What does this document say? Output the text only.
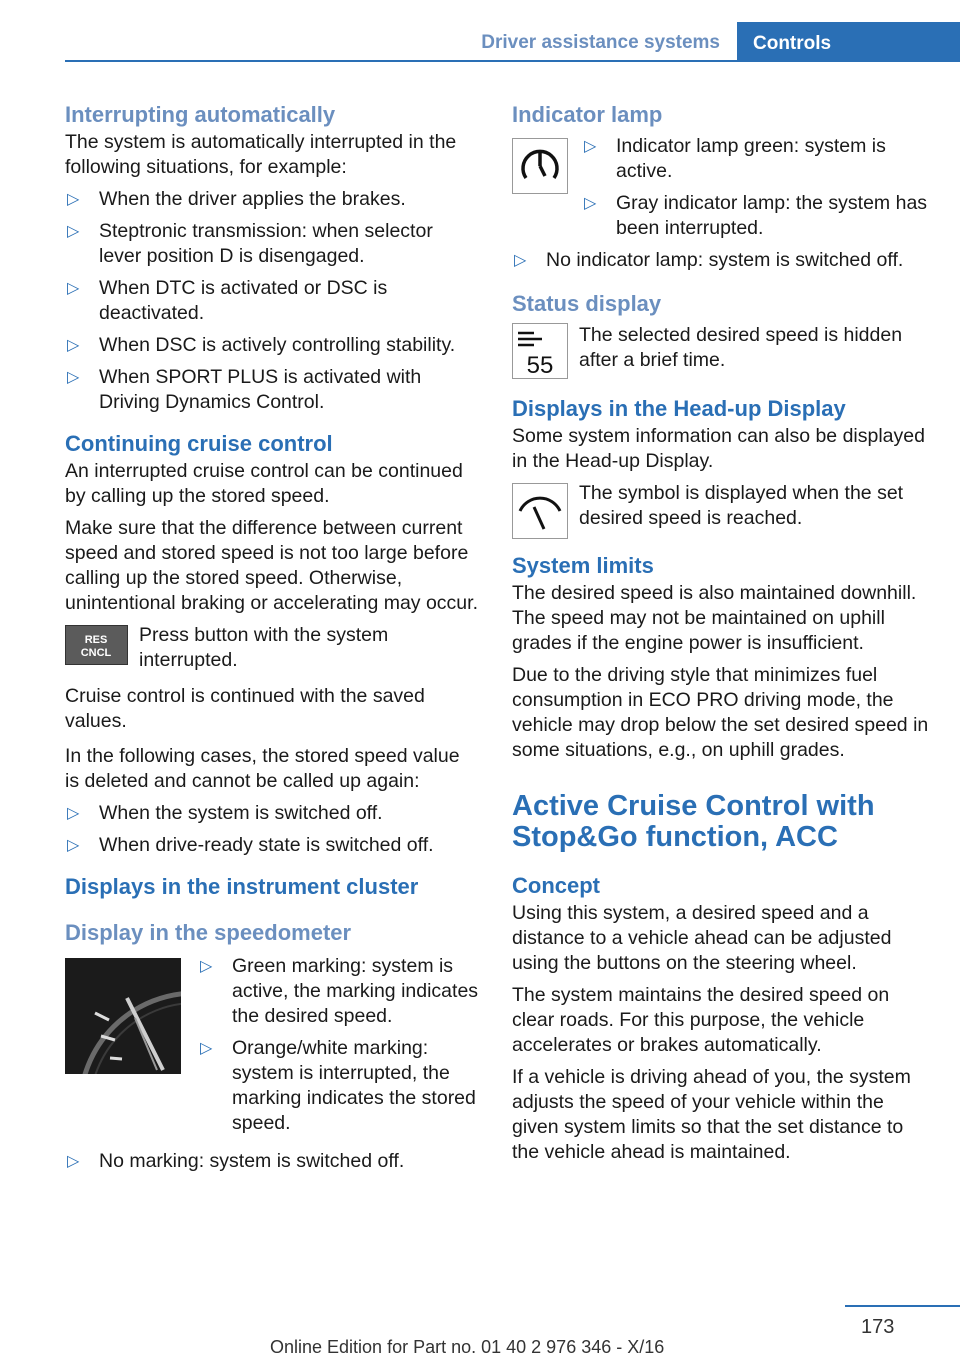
Driver assistance systems	Controls
Interrupting automatically

The system is automatically interrupted in the following situations, for example:

▷ When the driver applies the brakes.
▷ Steptronic transmission: when selector lever position D is disengaged.
▷ When DTC is activated or DSC is deactivated.
▷ When DSC is actively controlling stability.
▷ When SPORT PLUS is activated with Driving Dynamics Control.
Continuing cruise control

An interrupted cruise control can be continued by calling up the stored speed.

Make sure that the difference between current speed and stored speed is not too large before calling up the stored speed. Otherwise, unintentional braking or accelerating may occur.

RES
CNCL

Press button with the system interrupted.

Cruise control is continued with the saved values.

In the following cases, the stored speed value is deleted and cannot be called up again:

▷ When the system is switched off.
▷ When drive-ready state is switched off.
Displays in the instrument cluster
Display in the speedometer
▷ Green marking: system is active, the marking indicates the desired speed.
▷ Orange/white marking: system is interrupted, the marking indicates the stored speed.
▷ No marking: system is switched off.
Indicator lamp
▷ Indicator lamp green: system is active.
▷ Gray indicator lamp: the system has been interrupted.
▷ No indicator lamp: system is switched off.
Status display
55

The selected desired speed is hidden after a brief time.

Displays in the Head-up Display

Some system information can also be displayed in the Head-up Display.

The symbol is displayed when the set desired speed is reached.

System limits

The desired speed is also maintained downhill. The speed may not be maintained on uphill grades if the engine power is insufficient.

Due to the driving style that minimizes fuel consumption in ECO PRO driving mode, the vehicle may drop below the set desired speed in some situations, e.g., on uphill grades.

Active Cruise Control with Stop&Go function, ACC
Concept

Using this system, a desired speed and a distance to a vehicle ahead can be adjusted using the buttons on the steering wheel.

The system maintains the desired speed on clear roads. For this purpose, the vehicle accelerates or brakes automatically.

If a vehicle is driving ahead of you, the system adjusts the speed of your vehicle within the given system limits so that the set distance to the vehicle ahead is maintained.

173
Online Edition for Part no. 01 40 2 976 346 - X/16
